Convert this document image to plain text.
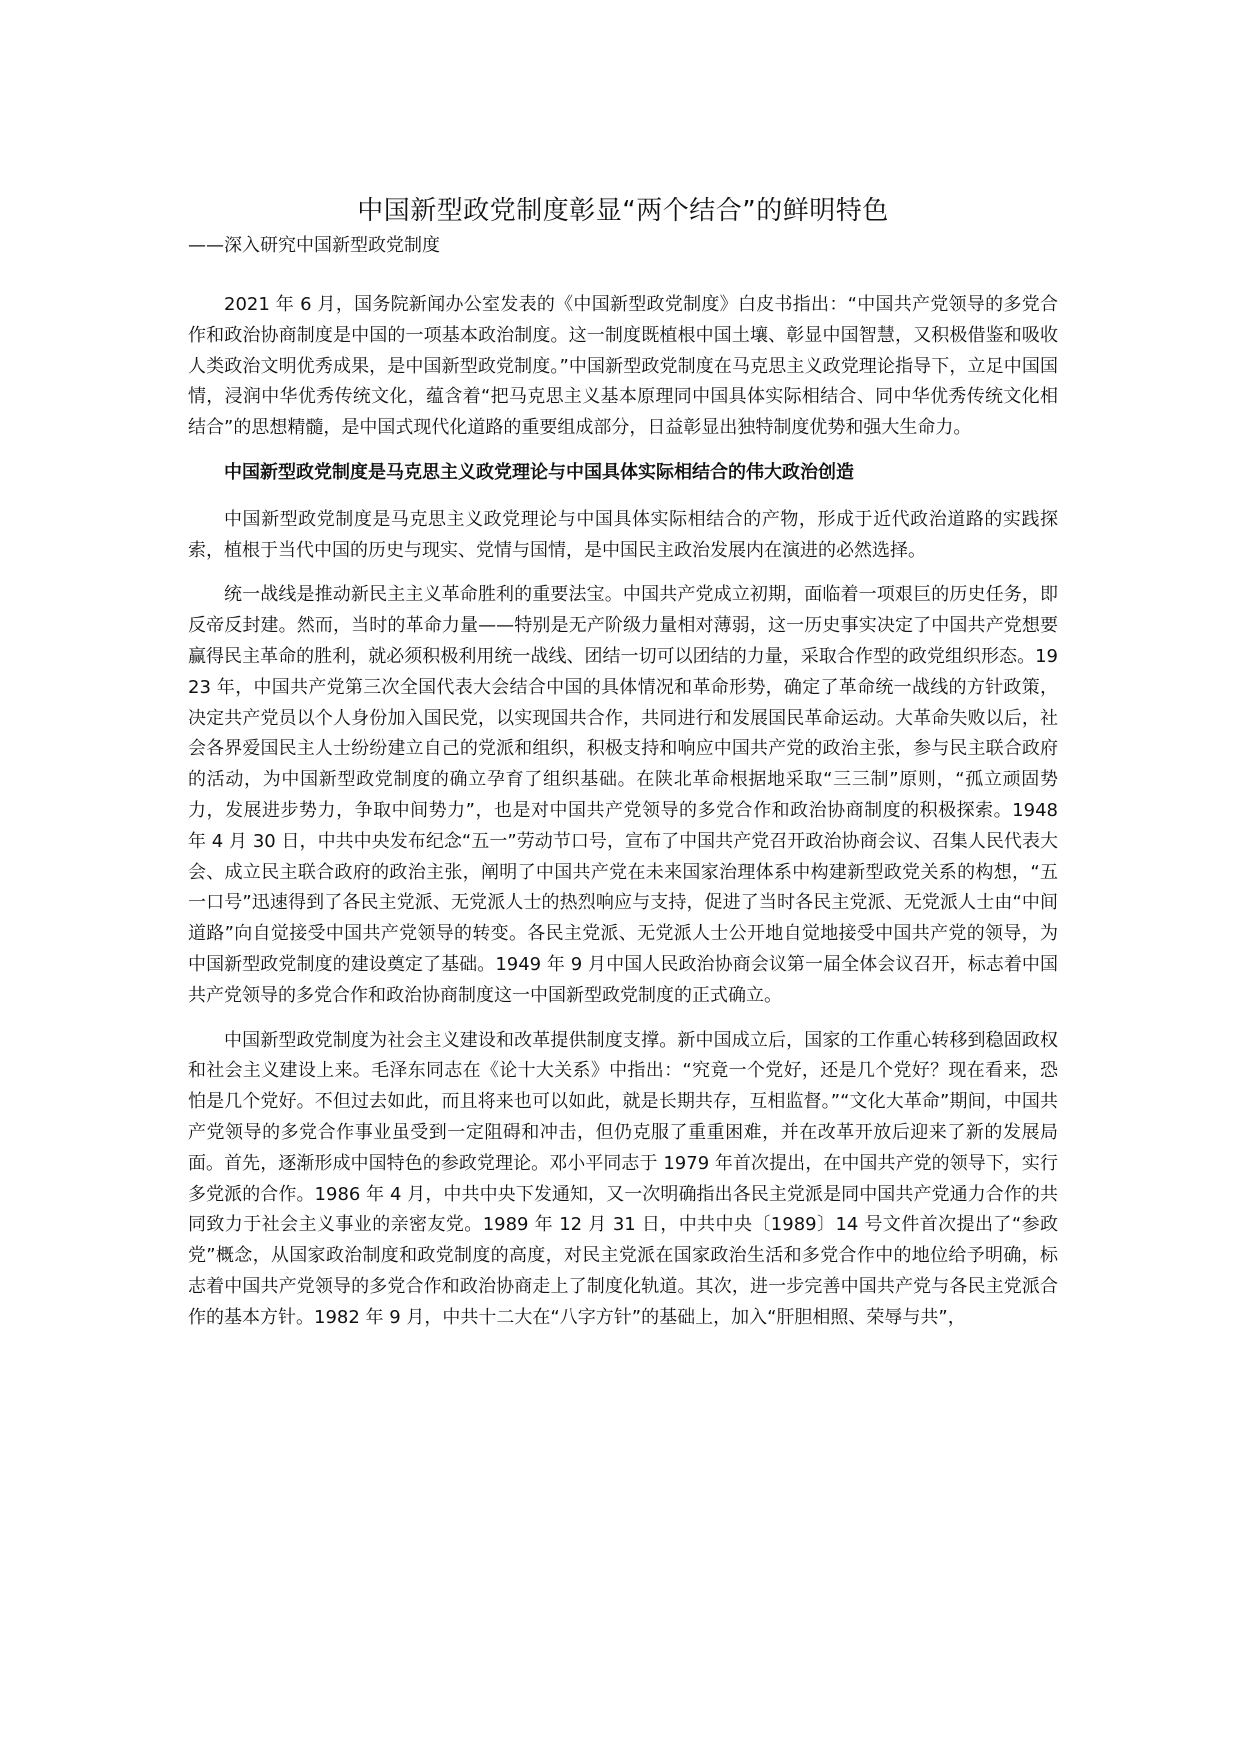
中国新型政党制度彰显“两个结合”的鲜明特色
——深入研究中国新型政党制度

2021 年 6 月，国务院新闻办公室发表的《中国新型政党制度》白皮书指出：“中国共产党领导的多党合作和政治协商制度是中国的一项基本政治制度。这一制度既植根中国土壤、彰显中国智慧，又积极借鉴和吸收人类政治文明优秀成果，是中国新型政党制度。”中国新型政党制度在马克思主义政党理论指导下，立足中国国情，浸润中华优秀传统文化，蕴含着“把马克思主义基本原理同中国具体实际相结合、同中华优秀传统文化相结合”的思想精髓，是中国式现代化道路的重要组成部分，日益彰显出独特制度优势和强大生命力。

中国新型政党制度是马克思主义政党理论与中国具体实际相结合的伟大政治创造

中国新型政党制度是马克思主义政党理论与中国具体实际相结合的产物，形成于近代政治道路的实践探索，植根于当代中国的历史与现实、党情与国情，是中国民主政治发展内在演进的必然选择。

统一战线是推动新民主主义革命胜利的重要法宝。中国共产党成立初期，面临着一项艰巨的历史任务，即反帝反封建。然而，当时的革命力量——特别是无产阶级力量相对薄弱，这一历史事实决定了中国共产党想要赢得民主革命的胜利，就必须积极利用统一战线、团结一切可以团结的力量，采取合作型的政党组织形态。1923 年，中国共产党第三次全国代表大会结合中国的具体情况和革命形势，确定了革命统一战线的方针政策，决定共产党员以个人身份加入国民党，以实现国共合作，共同进行和发展国民革命运动。大革命失败以后，社会各界爱国民主人士纷纷建立自己的党派和组织，积极支持和响应中国共产党的政治主张，参与民主联合政府的活动，为中国新型政党制度的确立孕育了组织基础。在陕北革命根据地采取“三三制”原则，“孤立顽固势力，发展进步势力，争取中间势力”，也是对中国共产党领导的多党合作和政治协商制度的积极探索。1948 年 4 月 30 日，中共中央发布纪念“五一”劳动节口号，宣布了中国共产党召开政治协商会议、召集人民代表大会、成立民主联合政府的政治主张，阐明了中国共产党在未来国家治理体系中构建新型政党关系的构想，“五一口号”迅速得到了各民主党派、无党派人士的热烈响应与支持，促进了当时各民主党派、无党派人士由“中间道路”向自觉接受中国共产党领导的转变。各民主党派、无党派人士公开地自觉地接受中国共产党的领导，为中国新型政党制度的建设奠定了基础。1949 年 9 月中国人民政治协商会议第一届全体会议召开，标志着中国共产党领导的多党合作和政治协商制度这一中国新型政党制度的正式确立。

中国新型政党制度为社会主义建设和改革提供制度支撑。新中国成立后，国家的工作重心转移到稳固政权和社会主义建设上来。毛泽东同志在《论十大关系》中指出：“究竟一个党好，还是几个党好？现在看来，恐怕是几个党好。不但过去如此，而且将来也可以如此，就是长期共存，互相监督。”“文化大革命”期间，中国共产党领导的多党合作事业虽受到一定阻碍和冲击，但仍克服了重重困难，并在改革开放后迎来了新的发展局面。首先，逐渐形成中国特色的参政党理论。邓小平同志于 1979 年首次提出，在中国共产党的领导下，实行多党派的合作。1986 年 4 月，中共中央下发通知，又一次明确指出各民主党派是同中国共产党通力合作的共同致力于社会主义事业的亲密友党。1989 年 12 月 31 日，中共中央〔1989〕14 号文件首次提出了“参政党”概念，从国家政治制度和政党制度的高度，对民主党派在国家政治生活和多党合作中的地位给予明确，标志着中国共产党领导的多党合作和政治协商走上了制度化轨道。其次，进一步完善中国共产党与各民主党派合作的基本方针。1982 年 9 月，中共十二大在“八字方针”的基础上，加入“肝胆相照、荣辱与共”，
